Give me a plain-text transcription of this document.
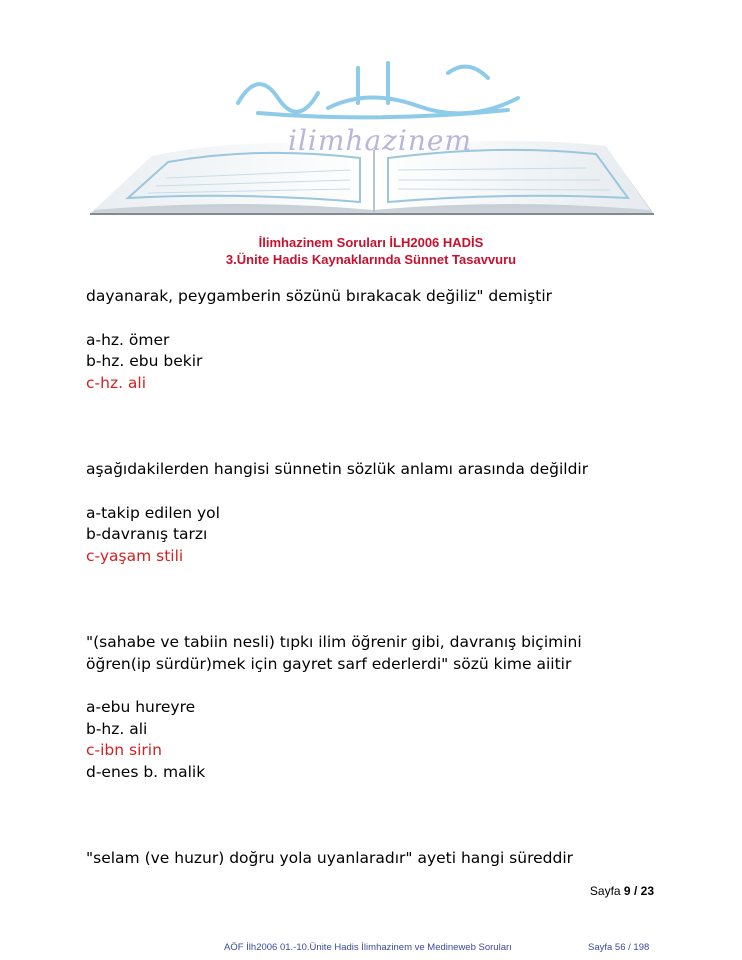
ilimhazinem
İlimhazinem Soruları İLH2006 HADİS
3.Ünite Hadis Kaynaklarında Sünnet Tasavvuru
dayanarak, peygamberin sözünü bırakacak değiliz" demiştir
a-hz. ömer
b-hz. ebu bekir
c-hz. ali
aşağıdakilerden hangisi sünnetin sözlük anlamı arasında değildir
a-takip edilen yol
b-davranış tarzı
c-yaşam stili
"(sahabe ve tabiin nesli) tıpkı ilim öğrenir gibi, davranış biçimini
öğren(ip sürdür)mek için gayret sarf ederlerdi" sözü kime aiitir
a-ebu hureyre
b-hz. ali
c-ibn sirin
d-enes b. malik
"selam (ve huzur) doğru yola uyanlaradır" ayeti hangi süreddir
Sayfa 9 / 23
AÖF İlh2006 01.-10.Ünite Hadis İlimhazinem ve Medineweb Soruları	Sayfa 56 / 198
